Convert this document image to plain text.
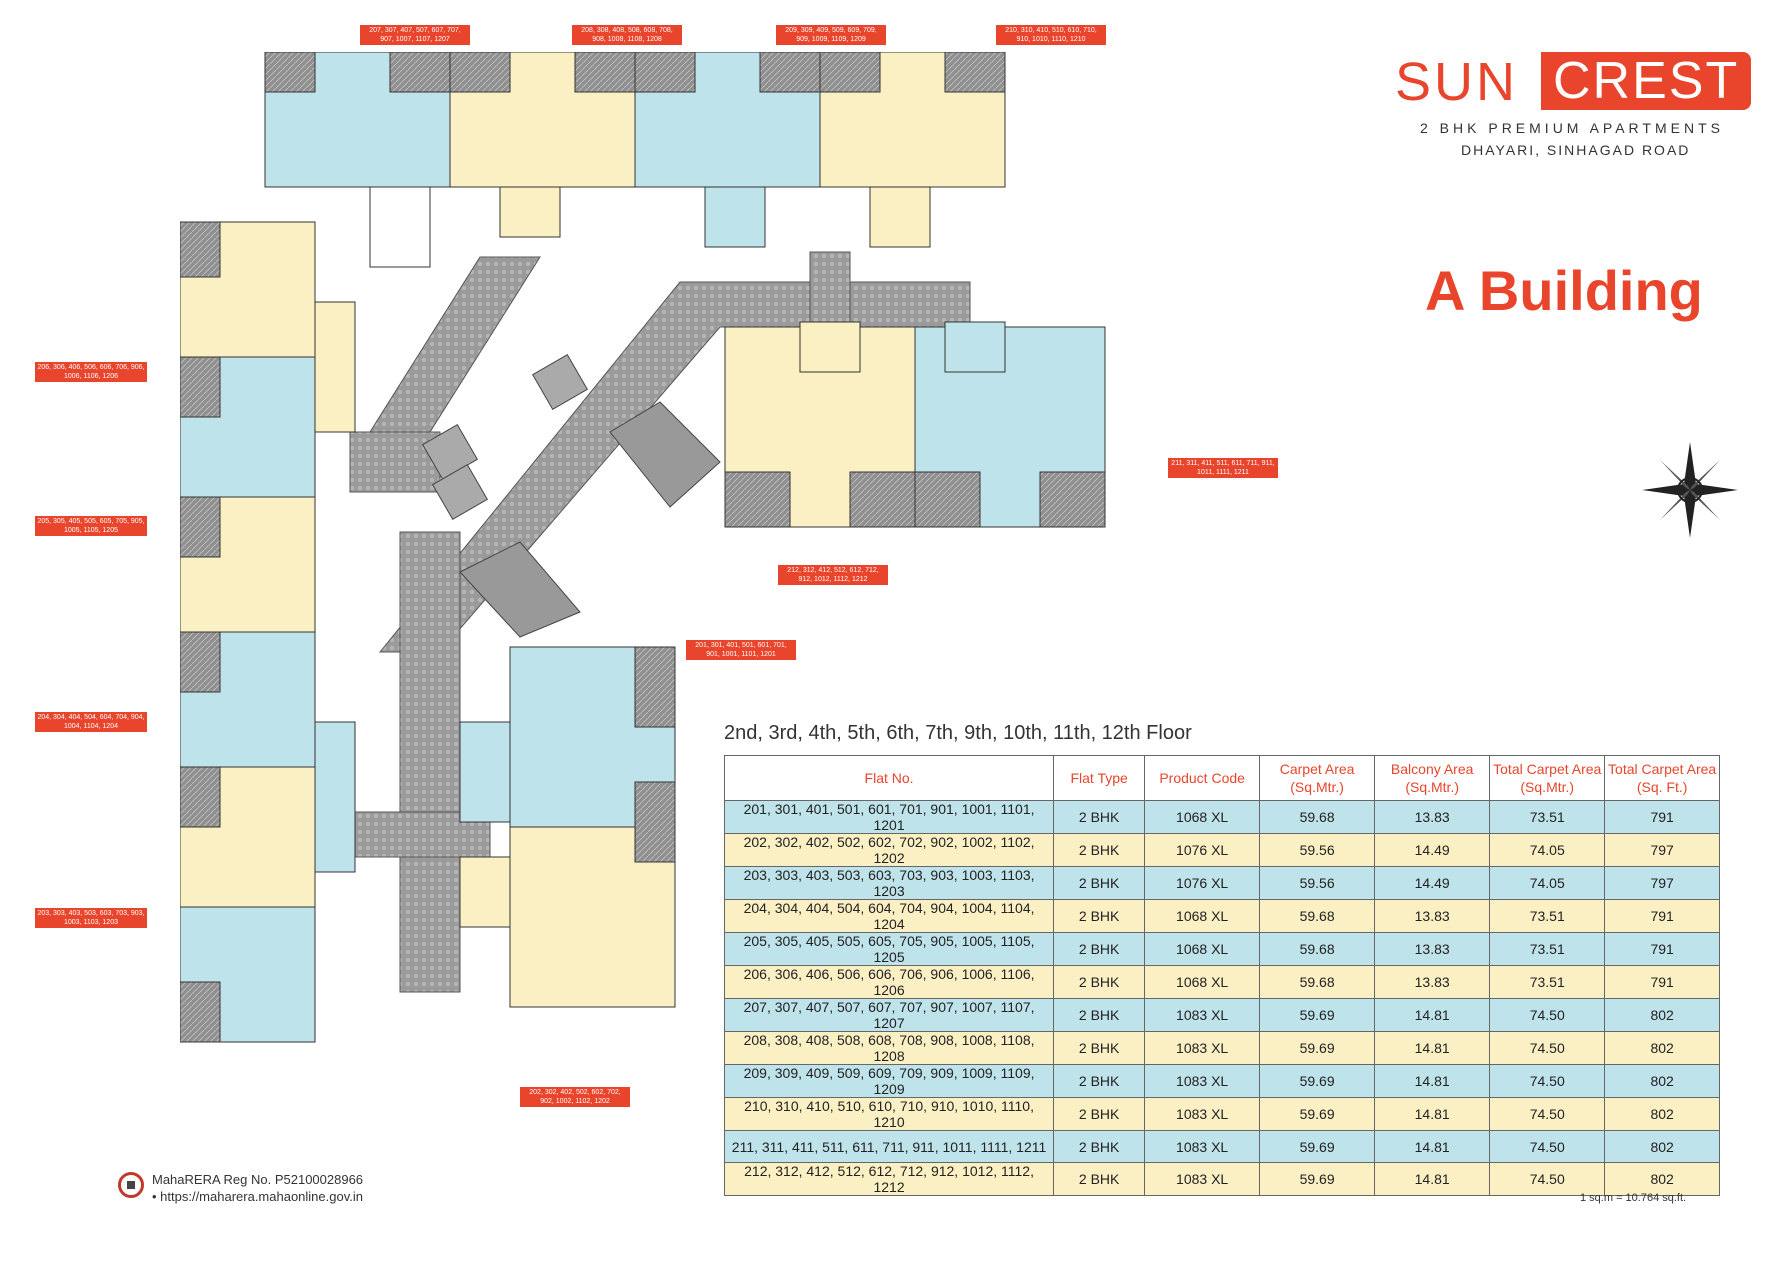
207, 307, 407, 507, 607, 707, 907, 1007, 1107, 1207
208, 308, 408, 508, 608, 708, 908, 1008, 1108, 1208
209, 309, 409, 509, 609, 709, 909, 1009, 1109, 1209
210, 310, 410, 510, 610, 710, 910, 1010, 1110, 1210
206, 306, 406, 506, 606, 706, 906, 1006, 1106, 1206
205, 305, 405, 505, 605, 705, 905, 1005, 1105, 1205
204, 304, 404, 504, 604, 704, 904, 1004, 1104, 1204
203, 303, 403, 503, 603, 703, 903, 1003, 1103, 1203
211, 311, 411, 511, 611, 711, 911, 1011, 1111, 1211
212, 312, 412, 512, 612, 712, 912, 1012, 1112, 1212
201, 301, 401, 501, 601, 701, 901, 1001, 1101, 1201
202, 302, 402, 502, 602, 702, 902, 1002, 1102, 1202
SUN CREST
2 BHK PREMIUM APARTMENTS
DHAYARI, SINHAGAD ROAD
A Building
2nd, 3rd, 4th, 5th, 6th, 7th, 9th, 10th, 11th, 12th Floor
Flat No.	Flat Type	Product Code	Carpet Area (Sq.Mtr.)	Balcony Area (Sq.Mtr.)	Total Carpet Area (Sq.Mtr.)	Total Carpet Area (Sq. Ft.)
201, 301, 401, 501, 601, 701, 901, 1001, 1101, 1201	2 BHK	1068 XL	59.68	13.83	73.51	791
202, 302, 402, 502, 602, 702, 902, 1002, 1102, 1202	2 BHK	1076 XL	59.56	14.49	74.05	797
203, 303, 403, 503, 603, 703, 903, 1003, 1103, 1203	2 BHK	1076 XL	59.56	14.49	74.05	797
204, 304, 404, 504, 604, 704, 904, 1004, 1104, 1204	2 BHK	1068 XL	59.68	13.83	73.51	791
205, 305, 405, 505, 605, 705, 905, 1005, 1105, 1205	2 BHK	1068 XL	59.68	13.83	73.51	791
206, 306, 406, 506, 606, 706, 906, 1006, 1106, 1206	2 BHK	1068 XL	59.68	13.83	73.51	791
207, 307, 407, 507, 607, 707, 907, 1007, 1107, 1207	2 BHK	1083 XL	59.69	14.81	74.50	802
208, 308, 408, 508, 608, 708, 908, 1008, 1108, 1208	2 BHK	1083 XL	59.69	14.81	74.50	802
209, 309, 409, 509, 609, 709, 909, 1009, 1109, 1209	2 BHK	1083 XL	59.69	14.81	74.50	802
210, 310, 410, 510, 610, 710, 910, 1010, 1110, 1210	2 BHK	1083 XL	59.69	14.81	74.50	802
211, 311, 411, 511, 611, 711, 911, 1011, 1111, 1211	2 BHK	1083 XL	59.69	14.81	74.50	802
212, 312, 412, 512, 612, 712, 912, 1012, 1112, 1212	2 BHK	1083 XL	59.69	14.81	74.50	802
1 sq.m = 10.764 sq.ft.
MahaRERA Reg No. P52100028966
• https://maharera.mahaonline.gov.in
